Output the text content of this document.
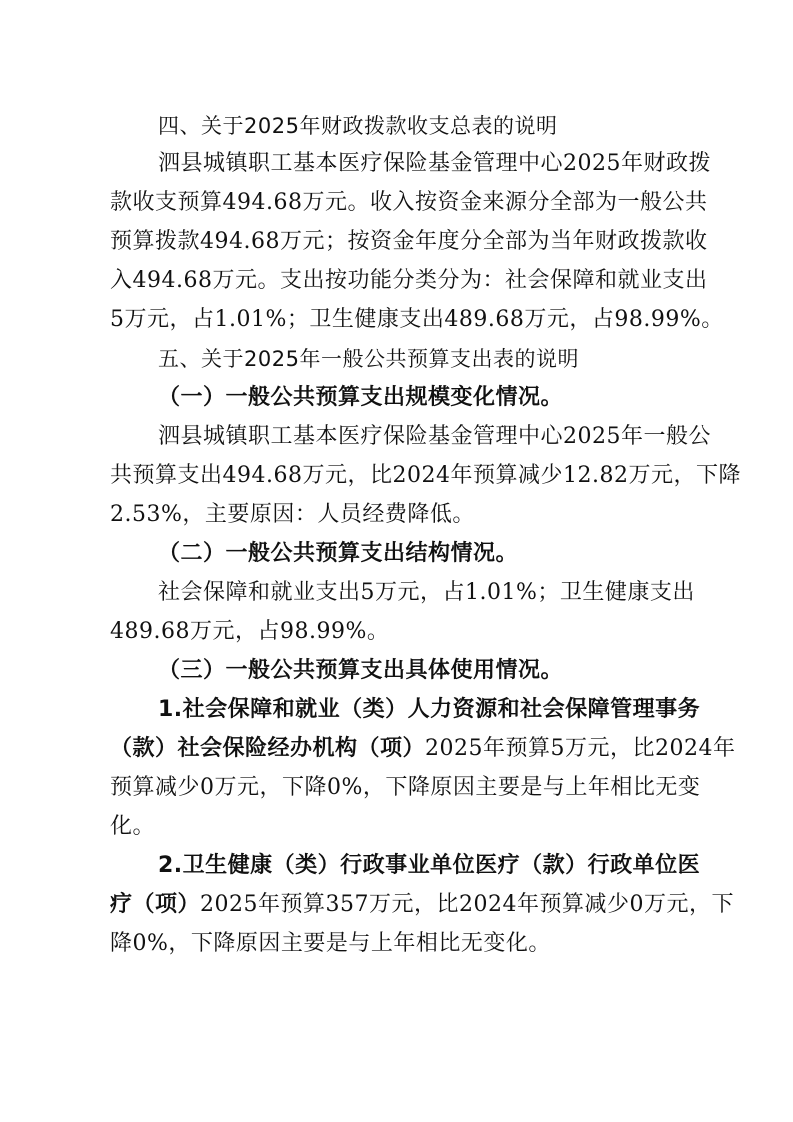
四、关于2025年财政拨款收支总表的说明
泗县城镇职工基本医疗保险基金管理中心2025年财政拨
款收支预算494.68万元。收入按资金来源分全部为一般公共
预算拨款494.68万元；按资金年度分全部为当年财政拨款收
入494.68万元。支出按功能分类分为：社会保障和就业支出
5万元，占1.01%；卫生健康支出489.68万元，占98.99%。
五、关于2025年一般公共预算支出表的说明
（一）一般公共预算支出规模变化情况。
泗县城镇职工基本医疗保险基金管理中心2025年一般公
共预算支出494.68万元，比2024年预算减少12.82万元，下降
2.53%，主要原因：人员经费降低。
（二）一般公共预算支出结构情况。
社会保障和就业支出5万元，占1.01%；卫生健康支出
489.68万元，占98.99%。
（三）一般公共预算支出具体使用情况。
1.社会保障和就业（类）人力资源和社会保障管理事务
（款）社会保险经办机构（项）2025年预算5万元，比2024年
预算减少0万元，下降0%，下降原因主要是与上年相比无变
化。
2.卫生健康（类）行政事业单位医疗（款）行政单位医
疗（项）2025年预算357万元，比2024年预算减少0万元，下
降0%，下降原因主要是与上年相比无变化。
